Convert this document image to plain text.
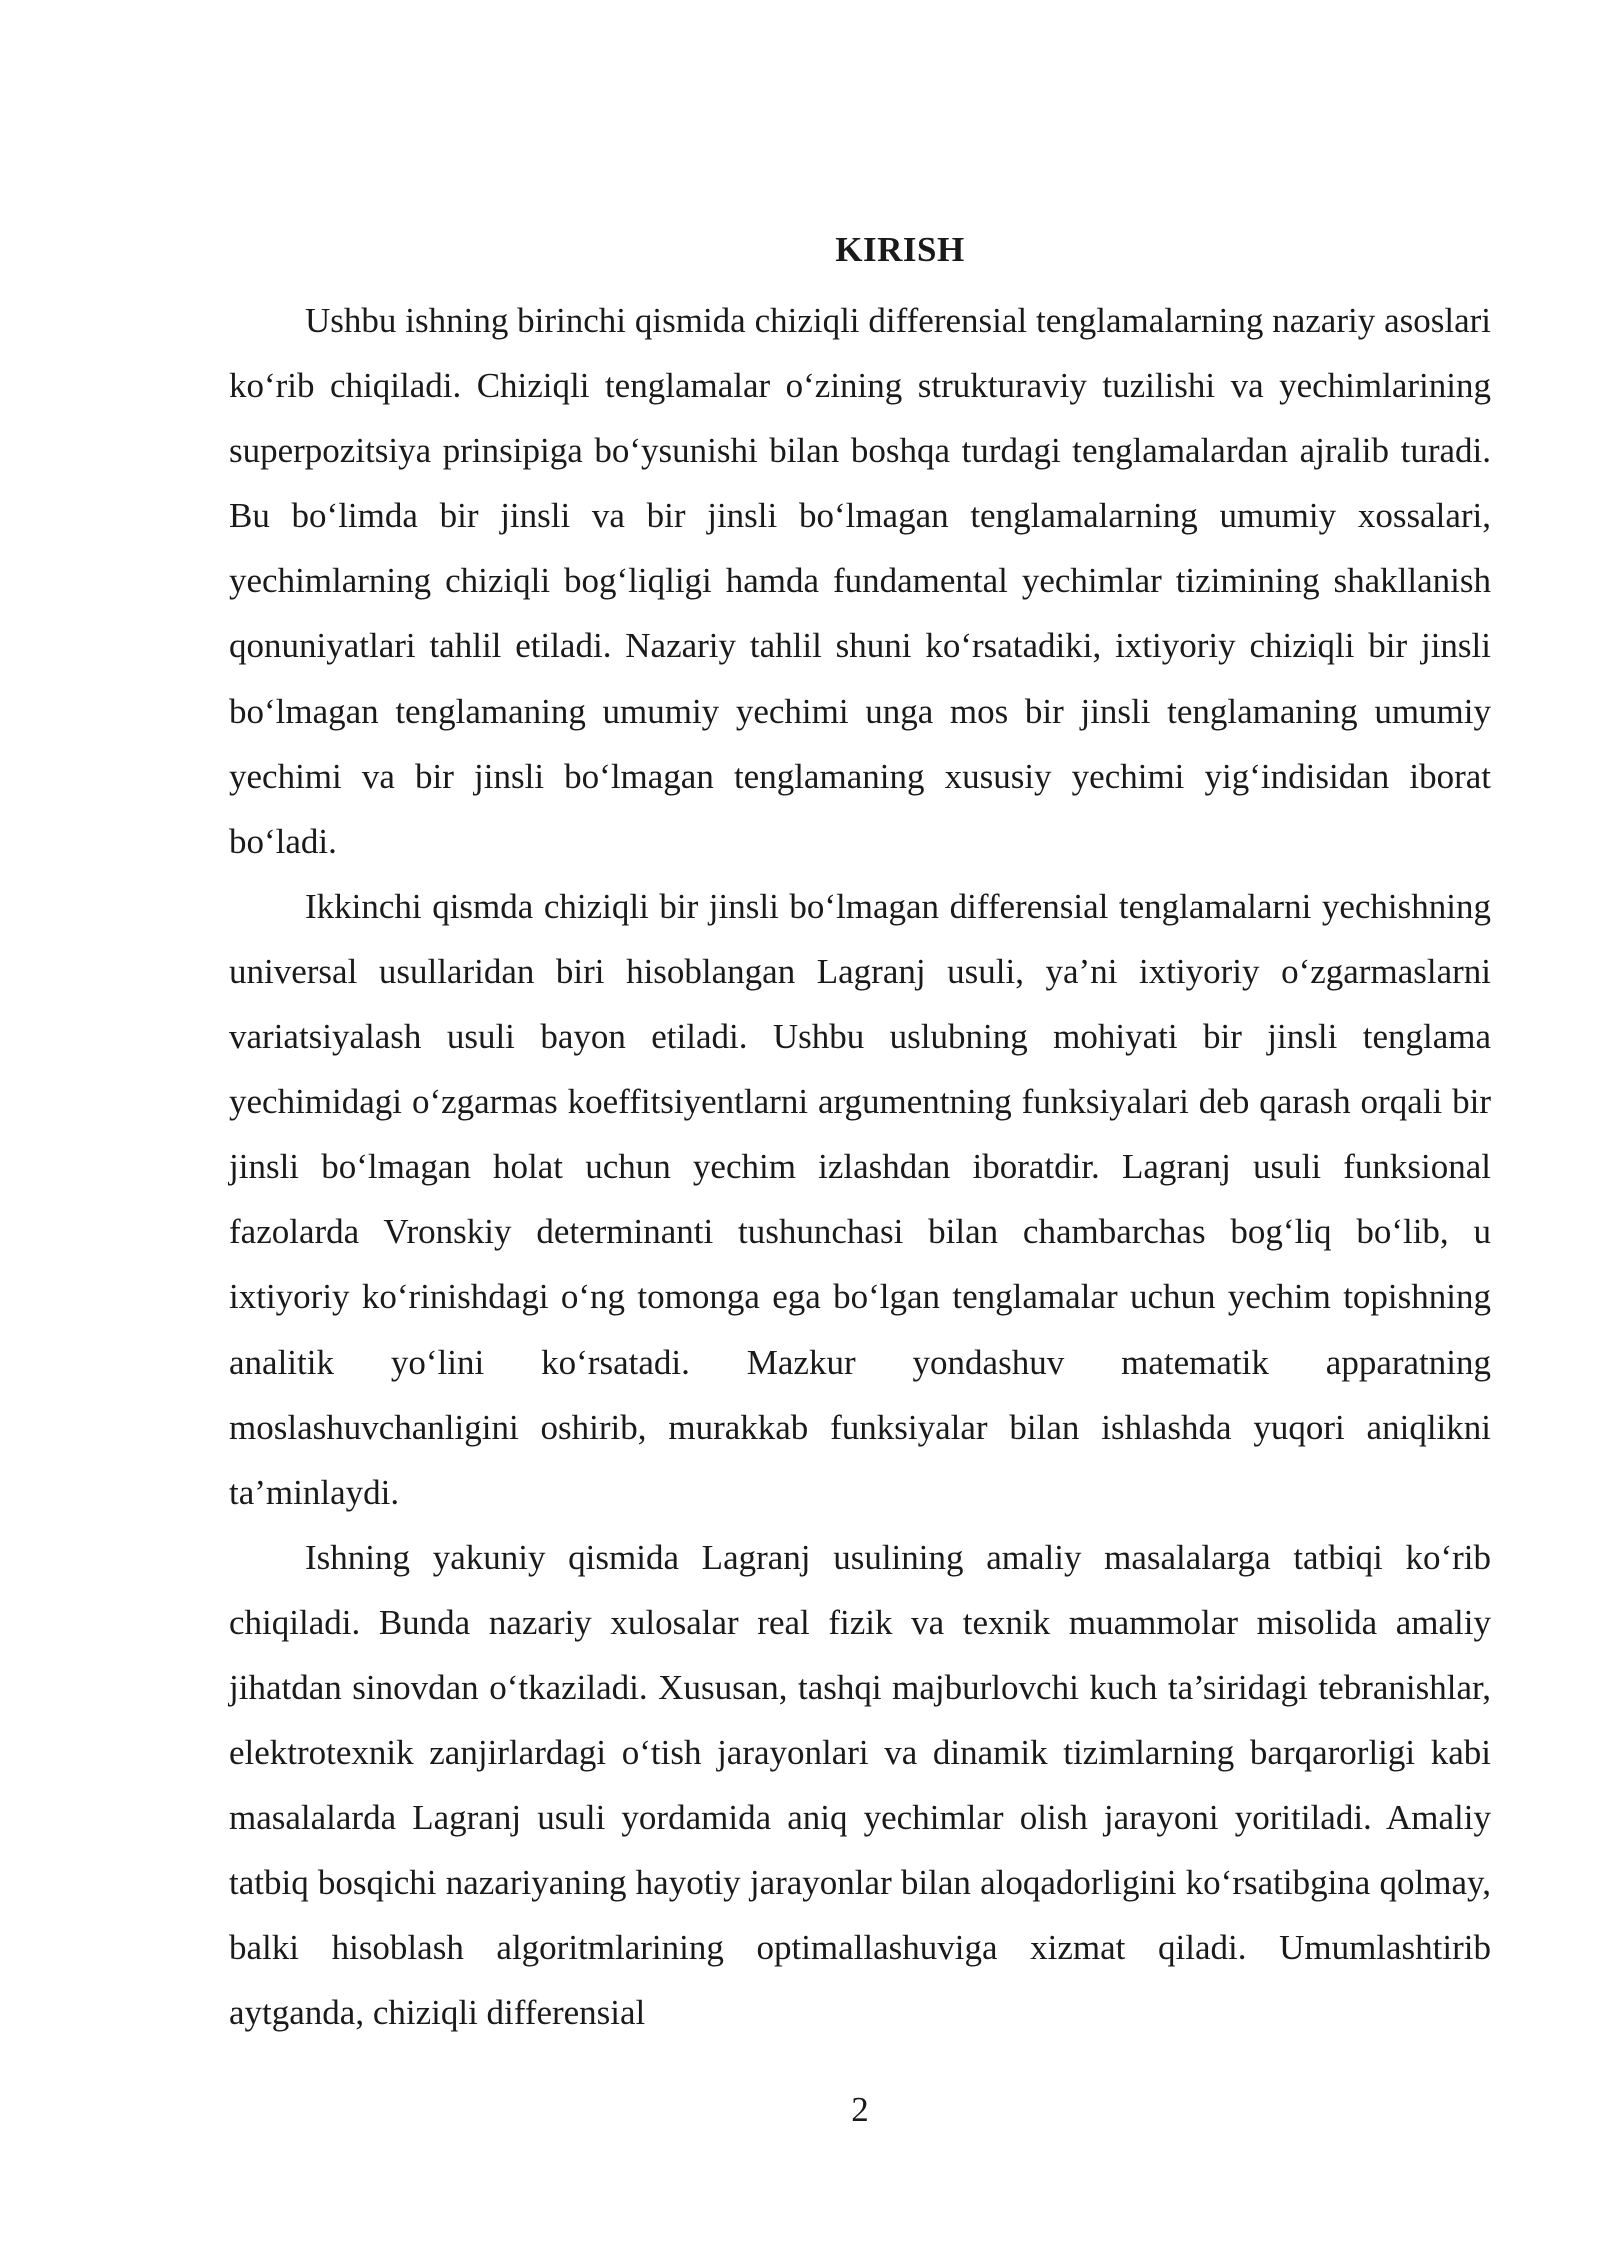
KIRISH

Ushbu ishning birinchi qismida chiziqli differensial tenglamalarning nazariy asoslari ko‘rib chiqiladi. Chiziqli tenglamalar o‘zining strukturaviy tuzilishi va yechimlarining superpozitsiya prinsipiga bo‘ysunishi bilan boshqa turdagi tenglamalardan ajralib turadi. Bu bo‘limda bir jinsli va bir jinsli bo‘lmagan tenglamalarning umumiy xossalari, yechimlarning chiziqli bog‘liqligi hamda fundamental yechimlar tizimining shakllanish qonuniyatlari tahlil etiladi. Nazariy tahlil shuni ko‘rsatadiki, ixtiyoriy chiziqli bir jinsli bo‘lmagan tenglamaning umumiy yechimi unga mos bir jinsli tenglamaning umumiy yechimi va bir jinsli bo‘lmagan tenglamaning xususiy yechimi yig‘indisidan iborat bo‘ladi.

Ikkinchi qismda chiziqli bir jinsli bo‘lmagan differensial tenglamalarni yechishning universal usullaridan biri hisoblangan Lagranj usuli, ya’ni ixtiyoriy o‘zgarmaslarni variatsiyalash usuli bayon etiladi. Ushbu uslubning mohiyati bir jinsli tenglama yechimidagi o‘zgarmas koeffitsiyentlarni argumentning funksiyalari deb qarash orqali bir jinsli bo‘lmagan holat uchun yechim izlashdan iboratdir. Lagranj usuli funksional fazolarda Vronskiy determinanti tushunchasi bilan chambarchas bog‘liq bo‘lib, u ixtiyoriy ko‘rinishdagi o‘ng tomonga ega bo‘lgan tenglamalar uchun yechim topishning analitik yo‘lini ko‘rsatadi. Mazkur yondashuv matematik apparatning moslashuvchanligini oshirib, murakkab funksiyalar bilan ishlashda yuqori aniqlikni ta’minlaydi.

Ishning yakuniy qismida Lagranj usulining amaliy masalalarga tatbiqi ko‘rib chiqiladi. Bunda nazariy xulosalar real fizik va texnik muammolar misolida amaliy jihatdan sinovdan o‘tkaziladi. Xususan, tashqi majburlovchi kuch ta’siridagi tebranishlar, elektrotexnik zanjirlardagi o‘tish jarayonlari va dinamik tizimlarning barqarorligi kabi masalalarda Lagranj usuli yordamida aniq yechimlar olish jarayoni yoritiladi. Amaliy tatbiq bosqichi nazariyaning hayotiy jarayonlar bilan aloqadorligini ko‘rsatibgina qolmay, balki hisoblash algoritmlarining optimallashuviga xizmat qiladi. Umumlashtirib aytganda, chiziqli differensial

2
